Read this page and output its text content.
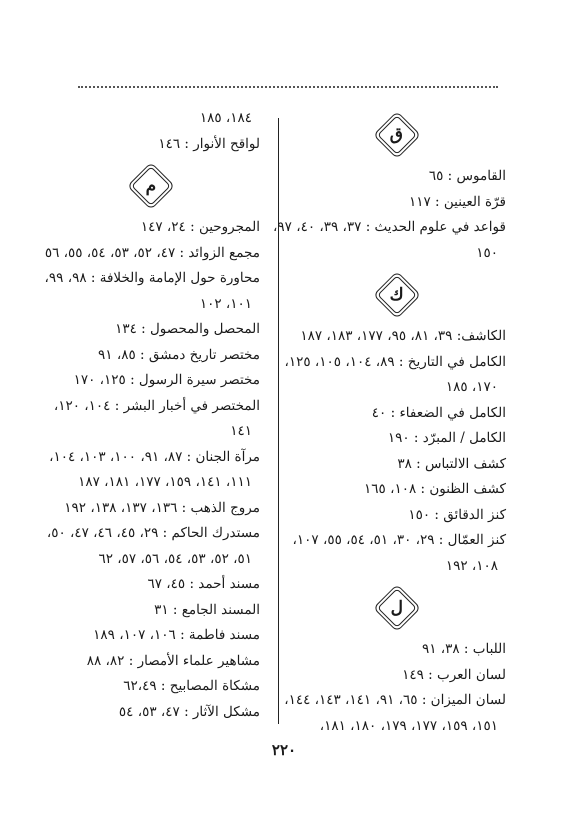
ق
القاموس : ٦٥
قرّة العينين : ١١٧
قواعد في علوم الحديث : ٣٧، ٣٩، ٤٠، ٩٧،
١٥٠
ك
الكاشف: ٣٩، ٨١، ٩٥، ١٧٧، ١٨٣، ١٨٧
الكامل في التاريخ : ٨٩، ١٠٤، ١٠٥، ١٢٥،
١٧٠، ١٨٥
الكامل في الضعفاء : ٤٠
الكامل / المبرّد : ١٩٠
كشف الالتباس : ٣٨
كشف الظنون : ١٠٨، ١٦٥
كنز الدقائق : ١٥٠
كنز العمّال : ٢٩، ٣٠، ٥١، ٥٤، ٥٥، ١٠٧،
١٠٨، ١٩٢
ل
اللباب : ٣٨، ٩١
لسان العرب : ١٤٩
لسان الميزان : ٦٥، ٩١، ١٤١، ١٤٣، ١٤٤،
١٥١، ١٥٩، ١٧٧، ١٧٩، ١٨٠، ١٨١،
١٨٤، ١٨٥
لواقح الأنوار : ١٤٦
م
المجروحين : ٢٤، ١٤٧
مجمع الزوائد : ٤٧، ٥٢، ٥٣، ٥٤، ٥٥، ٥٦
محاورة حول الإمامة والخلافة : ٩٨، ٩٩،
١٠١، ١٠٢
المحصل والمحصول : ١٣٤
مختصر تاريخ دمشق : ٨٥، ٩١
مختصر سيرة الرسول : ١٢٥، ١٧٠
المختصر في أخبار البشر : ١٠٤، ١٢٠،
١٤١
مرآة الجنان : ٨٧، ٩١، ١٠٠، ١٠٣، ١٠٤،
١١١، ١٤١، ١٥٩، ١٧٧، ١٨١، ١٨٧
مروج الذهب : ١٣٦، ١٣٧، ١٣٨، ١٩٢
مستدرك الحاكم : ٢٩، ٤٥، ٤٦، ٤٧، ٥٠،
٥١، ٥٢، ٥٣، ٥٤، ٥٦، ٥٧، ٦٢
مسند أحمد : ٤٥، ٦٧
المسند الجامع : ٣١
مسند فاطمة : ١٠٦، ١٠٧، ١٨٩
مشاهير علماء الأمصار : ٨٢، ٨٨
مشكاة المصابيح : ٦٢،٤٩
مشكل الآثار : ٤٧، ٥٣، ٥٤
٢٢٠
